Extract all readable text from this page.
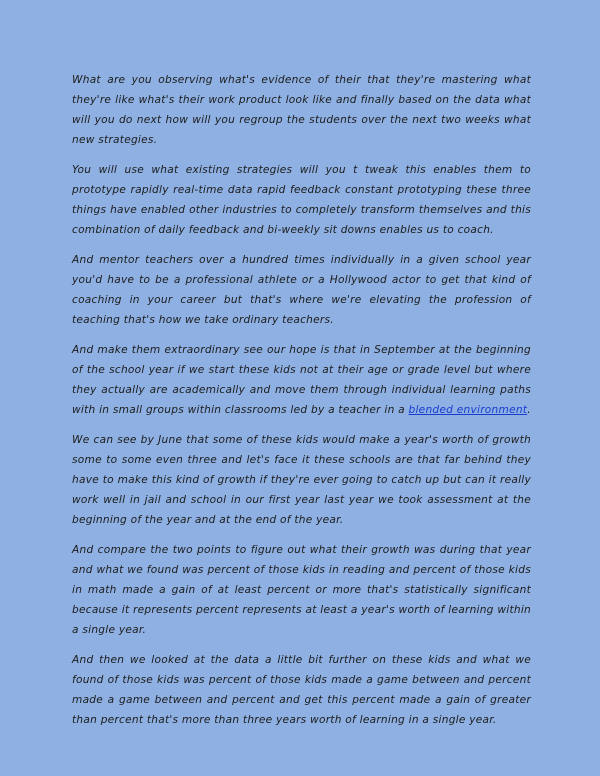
What are you observing what's evidence of their that they're mastering what they're like what's their work product look like and finally based on the data what will you do next how will you regroup the students over the next two weeks what new strategies.

You will use what existing strategies will you t tweak this enables them to prototype rapidly real-time data rapid feedback constant prototyping these three things have enabled other industries to completely transform themselves and this combination of daily feedback and bi-weekly sit downs enables us to coach.

And mentor teachers over a hundred times individually in a given school year you'd have to be a professional athlete or a Hollywood actor to get that kind of coaching in your career but that's where we're elevating the profession of teaching that's how we take ordinary teachers.

And make them extraordinary see our hope is that in September at the beginning of the school year if we start these kids not at their age or grade level but where they actually are academically and move them through individual learning paths with in small groups within classrooms led by a teacher in a blended environment.

We can see by June that some of these kids would make a year's worth of growth some to some even three and let's face it these schools are that far behind they have to make this kind of growth if they're ever going to catch up but can it really work well in jail and school in our first year last year we took assessment at the beginning of the year and at the end of the year.

And compare the two points to figure out what their growth was during that year and what we found was percent of those kids in reading and percent of those kids in math made a gain of at least percent or more that's statistically significant because it represents percent represents at least a year's worth of learning within a single year.

And then we looked at the data a little bit further on these kids and what we found of those kids was percent of those kids made a game between and percent made a game between and percent and get this percent made a gain of greater than percent that's more than three years worth of learning in a single year.
